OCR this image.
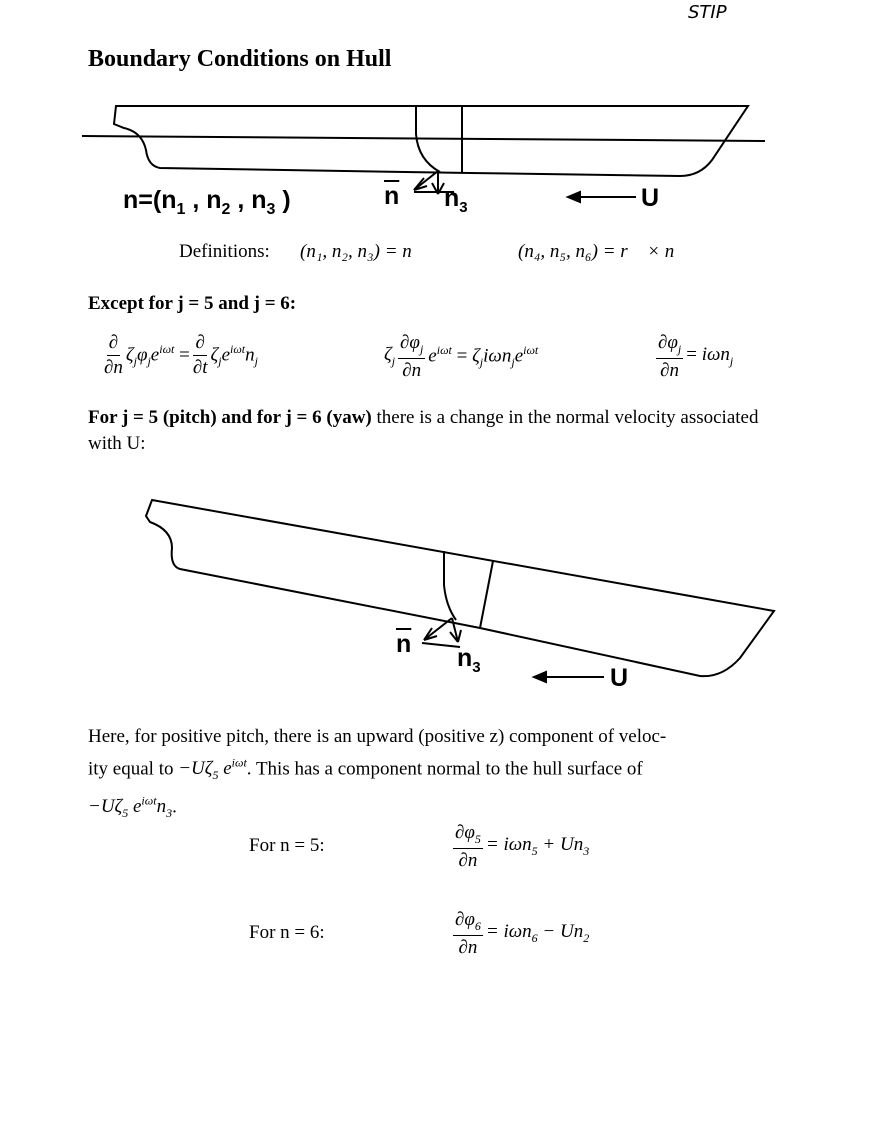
STIP
Boundary Conditions on Hull
$n=(n_1$ , $n_2$ , $n_3$ )	$\overline{n}$ $n_3$	U
Definitions: (n₁, n₂, n₃) = n⃗	(n₄, n₅, n₆) = r⃗ × n⃗
Except for j = 5 and j = 6:
$\frac{\partial}{\partial n} \zeta_j\varphi_je^{i\omega t} = \frac{\partial}{\partial t} \zeta_je^{i\omega t}n_j$	$\zeta_j \frac{\partial\varphi_j}{\partial n} e^{i\omega t} = \zeta_ji\omega n_je^{i\omega t}$	$\frac{\partial\varphi_j}{\partial n} = i\omega n_j$
For j = 5 (pitch) and for j = 6 (yaw) there is a change in the normal velocity associated with U:
$\overline{n}$ $n_3$	U
Here, for positive pitch, there is an upward (positive z) component of veloc-
ity equal to $-U\zeta_5$ $e^{i\omega t}$. This has a component normal to the hull surface of
$-U\zeta_5$ $e^{i\omega t}n_3$.
For n = 5:	$\frac{\partial\varphi_5}{\partial n} = i\omega n_5 + Un_3$
For n = 6:	$\frac{\partial\varphi_6}{\partial n} = i\omega n_6 - Un_2$
